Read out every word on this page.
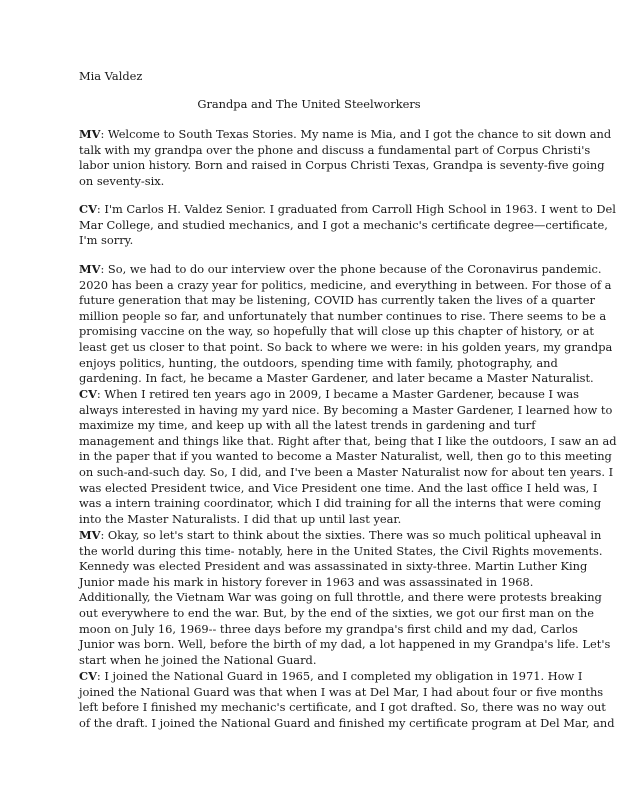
Mia Valdez
Grandpa and The United Steelworkers

MV: Welcome to South Texas Stories. My name is Mia, and I got the chance to sit down and
talk with my grandpa over the phone and discuss a fundamental part of Corpus Christi's
labor union history. Born and raised in Corpus Christi Texas, Grandpa is seventy-five going
on seventy-six.

CV: I'm Carlos H. Valdez Senior. I graduated from Carroll High School in 1963. I went to Del
Mar College, and studied mechanics, and I got a mechanic's certificate degree—certificate,
I'm sorry.

MV: So, we had to do our interview over the phone because of the Coronavirus pandemic.
2020 has been a crazy year for politics, medicine, and everything in between. For those of a
future generation that may be listening, COVID has currently taken the lives of a quarter
million people so far, and unfortunately that number continues to rise. There seems to be a
promising vaccine on the way, so hopefully that will close up this chapter of history, or at
least get us closer to that point. So back to where we were: in his golden years, my grandpa
enjoys politics, hunting, the outdoors, spending time with family, photography, and
gardening. In fact, he became a Master Gardener, and later became a Master Naturalist.

CV: When I retired ten years ago in 2009, I became a Master Gardener, because I was
always interested in having my yard nice. By becoming a Master Gardener, I learned how to
maximize my time, and keep up with all the latest trends in gardening and turf
management and things like that. Right after that, being that I like the outdoors, I saw an ad
in the paper that if you wanted to become a Master Naturalist, well, then go to this meeting
on such-and-such day. So, I did, and I've been a Master Naturalist now for about ten years. I
was elected President twice, and Vice President one time. And the last office I held was, I
was a intern training coordinator, which I did training for all the interns that were coming
into the Master Naturalists. I did that up until last year.

MV: Okay, so let's start to think about the sixties. There was so much political upheaval in
the world during this time- notably, here in the United States, the Civil Rights movements.
Kennedy was elected President and was assassinated in sixty-three. Martin Luther King
Junior made his mark in history forever in 1963 and was assassinated in 1968.
Additionally, the Vietnam War was going on full throttle, and there were protests breaking
out everywhere to end the war. But, by the end of the sixties, we got our first man on the
moon on July 16, 1969-- three days before my grandpa's first child and my dad, Carlos
Junior was born. Well, before the birth of my dad, a lot happened in my Grandpa's life. Let's
start when he joined the National Guard.

CV: I joined the National Guard in 1965, and I completed my obligation in 1971. How I
joined the National Guard was that when I was at Del Mar, I had about four or five months
left before I finished my mechanic's certificate, and I got drafted. So, there was no way out
of the draft. I joined the National Guard and finished my certificate program at Del Mar, and
